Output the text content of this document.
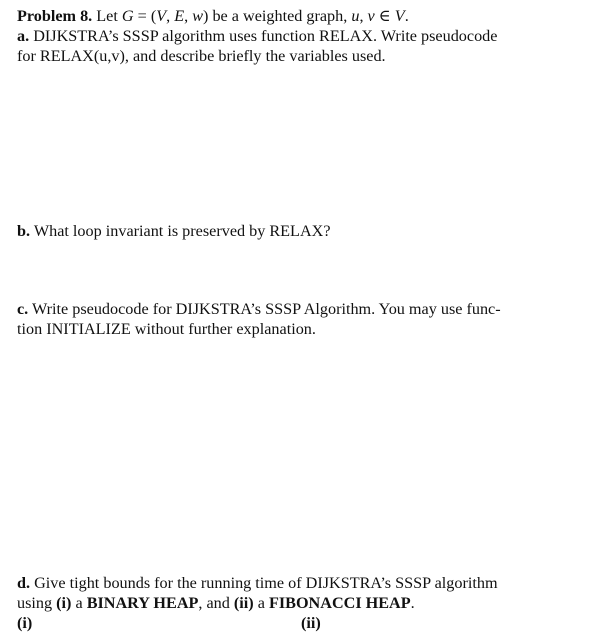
Problem 8. Let G = (V, E, w) be a weighted graph, u, v ∈ V.
a. DIJKSTRA’s SSSP algorithm uses function RELAX. Write pseudocode
for RELAX(u,v), and describe briefly the variables used.
b. What loop invariant is preserved by RELAX?
c. Write pseudocode for DIJKSTRA’s SSSP Algorithm. You may use func-
tion INITIALIZE without further explanation.
d. Give tight bounds for the running time of DIJKSTRA’s SSSP algorithm
using (i) a BINARY HEAP, and (ii) a FIBONACCI HEAP.
(i)	(ii)
